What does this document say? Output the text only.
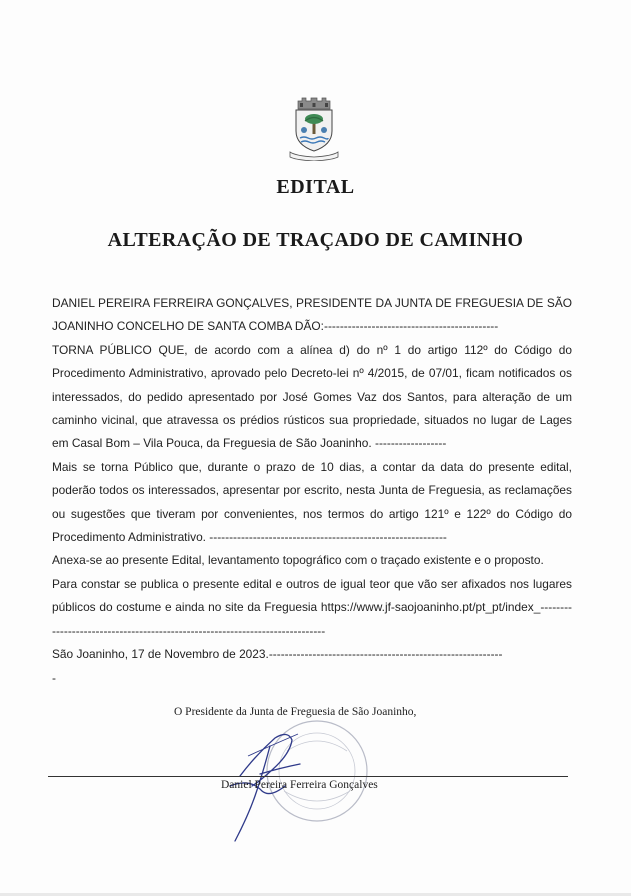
EDITAL
ALTERAÇÃO DE TRAÇADO DE CAMINHO

DANIEL PEREIRA FERREIRA GONÇALVES, PRESIDENTE DA JUNTA DE FREGUESIA DE SÃO JOANINHO CONCELHO DE SANTA COMBA DÃO:--------------------------------------------

TORNA PÚBLICO QUE, de acordo com a alínea d) do nº 1 do artigo 112º do Código do Procedimento Administrativo, aprovado pelo Decreto-lei nº 4/2015, de 07/01, ficam notificados os interessados, do pedido apresentado por José Gomes Vaz dos Santos, para alteração de um caminho vicinal, que atravessa os prédios rústicos sua propriedade, situados no lugar de Lages em Casal Bom – Vila Pouca, da Freguesia de São Joaninho. ------------------

Mais se torna Público que, durante o prazo de 10 dias, a contar da data do presente edital, poderão todos os interessados, apresentar por escrito, nesta Junta de Freguesia, as reclamações ou sugestões que tiveram por convenientes, nos termos do artigo 121º e 122º do Código do Procedimento Administrativo. ------------------------------------------------------------

Anexa-se ao presente Edital, levantamento topográfico com o traçado existente e o proposto.

Para constar se publica o presente edital e outros de igual teor que vão ser afixados nos lugares públicos do costume e ainda no site da Freguesia https://www.jf-saojoaninho.pt/pt_pt/index_-----------------------------------------------------------------------------

São Joaninho, 17 de Novembro de 2023.-----------------------------------------------------------

-

O Presidente da Junta de Freguesia de São Joaninho,
Daniel Pereira Ferreira Gonçalves
